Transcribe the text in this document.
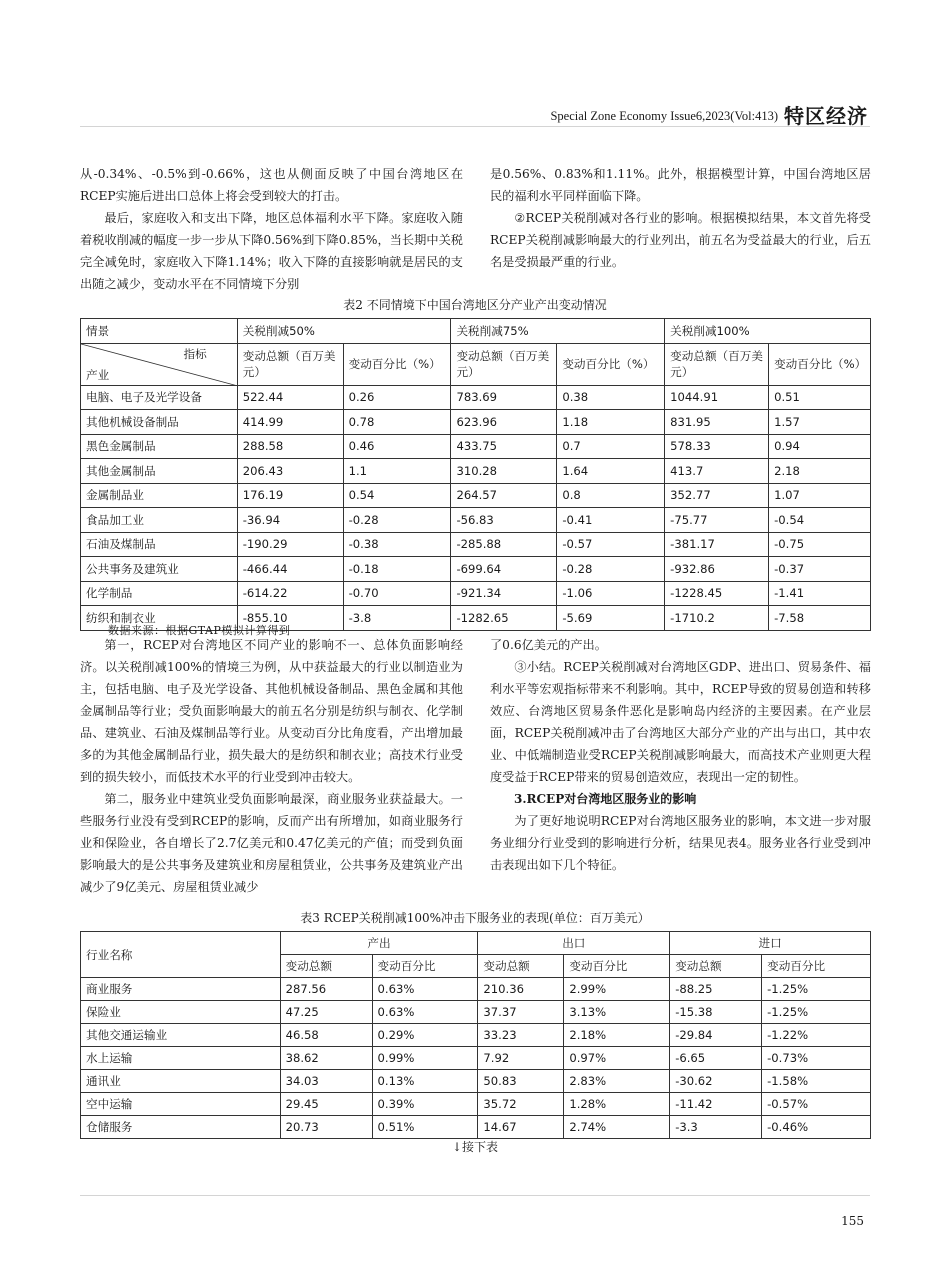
Special Zone Economy Issue6,2023(Vol:413) 特区经济

从-0.34%、-0.5%到-0.66%，这也从侧面反映了中国台湾地区在RCEP实施后进出口总体上将会受到较大的打击。

最后，家庭收入和支出下降，地区总体福利水平下降。家庭收入随着税收削减的幅度一步一步从下降0.56%到下降0.85%，当长期中关税完全减免时，家庭收入下降1.14%；收入下降的直接影响就是居民的支出随之减少，变动水平在不同情境下分别

是0.56%、0.83%和1.11%。此外，根据模型计算，中国台湾地区居民的福利水平同样面临下降。

②RCEP关税削减对各行业的影响。根据模拟结果，本文首先将受RCEP关税削减影响最大的行业列出，前五名为受益最大的行业，后五名是受损最严重的行业。

表2 不同情境下中国台湾地区分产业产出变动情况
情景	关税削减50%		关税削减75%		关税削减100%	

指标
产业	变动总额（百万美元）	变动百分比（%）	变动总额（百万美元）	变动百分比（%）	变动总额（百万美元）	变动百分比（%）
电脑、电子及光学设备	522.44	0.26	783.69	0.38	1044.91	0.51
其他机械设备制品	414.99	0.78	623.96	1.18	831.95	1.57
黑色金属制品	288.58	0.46	433.75	0.7	578.33	0.94
其他金属制品	206.43	1.1	310.28	1.64	413.7	2.18
金属制品业	176.19	0.54	264.57	0.8	352.77	1.07
食品加工业	-36.94	-0.28	-56.83	-0.41	-75.77	-0.54
石油及煤制品	-190.29	-0.38	-285.88	-0.57	-381.17	-0.75
公共事务及建筑业	-466.44	-0.18	-699.64	-0.28	-932.86	-0.37
化学制品	-614.22	-0.70	-921.34	-1.06	-1228.45	-1.41
纺织和制衣业	-855.10	-3.8	-1282.65	-5.69	-1710.2	-7.58
数据来源：根据GTAP模拟计算得到

第一，RCEP对台湾地区不同产业的影响不一、总体负面影响经济。以关税削减100%的情境三为例，从中获益最大的行业以制造业为主，包括电脑、电子及光学设备、其他机械设备制品、黑色金属和其他金属制品等行业；受负面影响最大的前五名分别是纺织与制衣、化学制品、建筑业、石油及煤制品等行业。从变动百分比角度看，产出增加最多的为其他金属制品行业，损失最大的是纺织和制衣业；高技术行业受到的损失较小，而低技术水平的行业受到冲击较大。

第二，服务业中建筑业受负面影响最深，商业服务业获益最大。一些服务行业没有受到RCEP的影响，反而产出有所增加，如商业服务行业和保险业，各自增长了2.7亿美元和0.47亿美元的产值；而受到负面影响最大的是公共事务及建筑业和房屋租赁业，公共事务及建筑业产出减少了9亿美元、房屋租赁业减少

了0.6亿美元的产出。

③小结。RCEP关税削减对台湾地区GDP、进出口、贸易条件、福利水平等宏观指标带来不利影响。其中，RCEP导致的贸易创造和转移效应、台湾地区贸易条件恶化是影响岛内经济的主要因素。在产业层面，RCEP关税削减冲击了台湾地区大部分产业的产出与出口，其中农业、中低端制造业受RCEP关税削减影响最大，而高技术产业则更大程度受益于RCEP带来的贸易创造效应，表现出一定的韧性。

3.RCEP对台湾地区服务业的影响

为了更好地说明RCEP对台湾地区服务业的影响，本文进一步对服务业细分行业受到的影响进行分析，结果见表4。服务业各行业受到冲击表现出如下几个特征。

表3 RCEP关税削减100%冲击下服务业的表现(单位：百万美元）
行业名称	产出		出口		进口	
	变动总额	变动百分比	变动总额	变动百分比	变动总额	变动百分比
商业服务	287.56	0.63%	210.36	2.99%	-88.25	-1.25%
保险业	47.25	0.63%	37.37	3.13%	-15.38	-1.25%
其他交通运输业	46.58	0.29%	33.23	2.18%	-29.84	-1.22%
水上运输	38.62	0.99%	7.92	0.97%	-6.65	-0.73%
通讯业	34.03	0.13%	50.83	2.83%	-30.62	-1.58%
空中运输	29.45	0.39%	35.72	1.28%	-11.42	-0.57%
仓储服务	20.73	0.51%	14.67	2.74%	-3.3	-0.46%
↓接下表
155
